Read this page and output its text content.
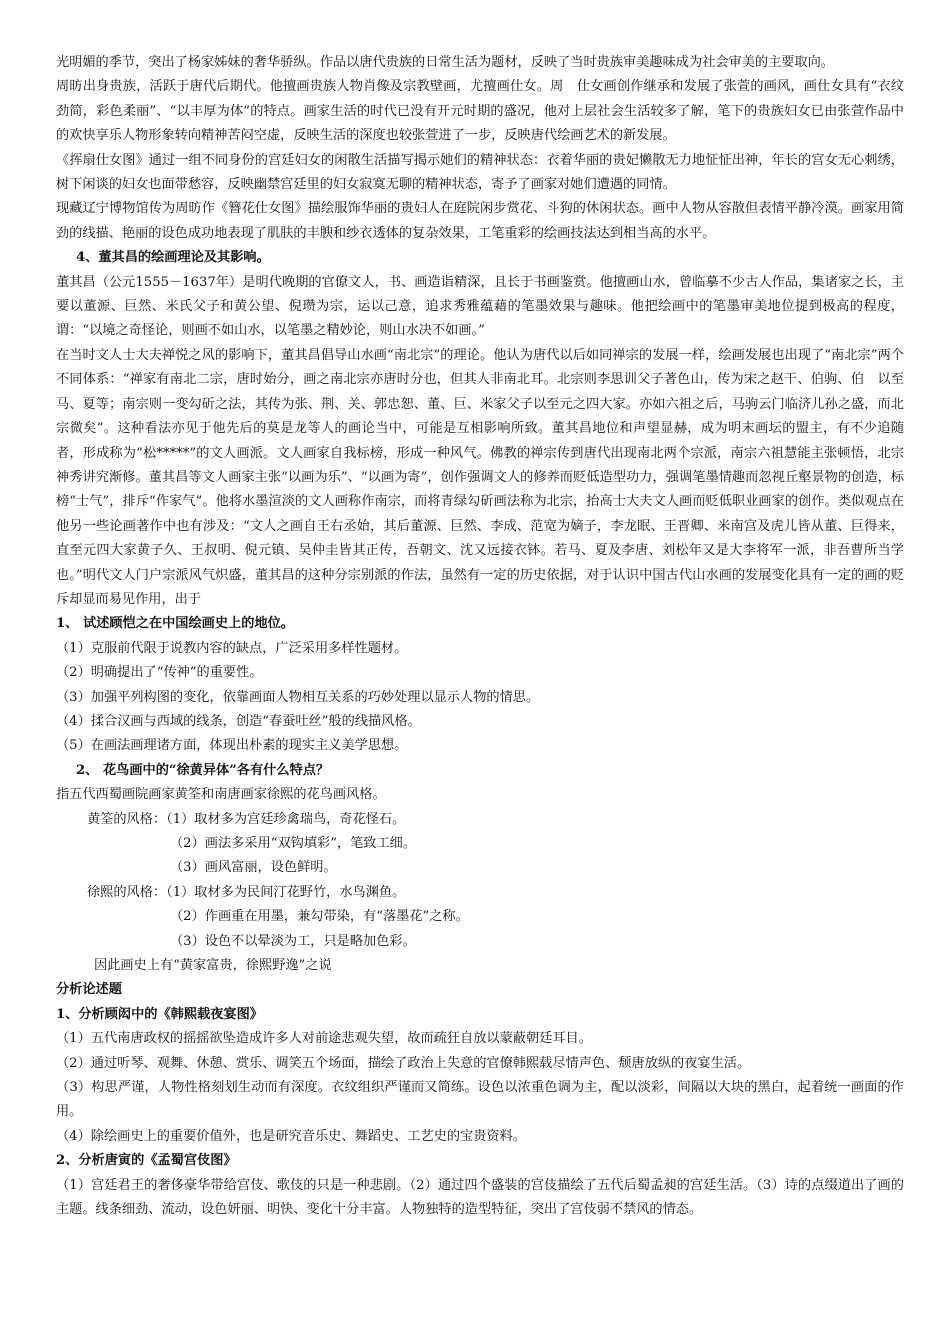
光明媚的季节，突出了杨家姊妹的奢华骄纵。作品以唐代贵族的日常生活为题材，反映了当时贵族审美趣味成为社会审美的主要取向。

周昉出身贵族，活跃于唐代后期代。他擅画贵族人物肖像及宗教壁画，尤擅画仕女。周　仕女画创作继承和发展了张萱的画风，画仕女具有“衣纹劲简，彩色柔丽”、“以丰厚为体”的特点。画家生活的时代已没有开元时期的盛况，他对上层社会生活较多了解，笔下的贵族妇女已由张萱作品中的欢快享乐人物形象转向精神苦闷空虚，反映生活的深度也较张萱进了一步，反映唐代绘画艺术的新发展。

《挥扇仕女图》通过一组不同身份的宫廷妇女的闲散生活描写揭示她们的精神状态：衣着华丽的贵妃懒散无力地怔怔出神，年长的宫女无心刺绣，树下闲谈的妇女也面带愁容，反映幽禁宫廷里的妇女寂寞无聊的精神状态，寄予了画家对她们遭遇的同情。

现藏辽宁博物馆传为周昉作《簪花仕女图》描绘服饰华丽的贵妇人在庭院闲步赏花、斗狗的休闲状态。画中人物从容散但表情平静冷漠。画家用简劲的线描、艳丽的设色成功地表现了肌肤的丰腴和纱衣透体的复杂效果，工笔重彩的绘画技法达到相当高的水平。

4、董其昌的绘画理论及其影响。

董其昌（公元1555－1637年）是明代晚期的官僚文人，书、画造诣精深，且长于书画鉴赏。他擅画山水，曾临摹不少古人作品，集诸家之长，主要以董源、巨然、米氏父子和黄公望、倪瓒为宗，运以己意，追求秀雅蕴藉的笔墨效果与趣味。他把绘画中的笔墨审美地位提到极高的程度，谓：“以境之奇怪论，则画不如山水，以笔墨之精妙论，则山水决不如画。”

在当时文人士大夫禅悦之风的影响下，董其昌倡导山水画“南北宗”的理论。他认为唐代以后如同禅宗的发展一样，绘画发展也出现了“南北宗”两个不同体系：“禅家有南北二宗，唐时始分，画之南北宗亦唐时分也，但其人非南北耳。北宗则李思训父子著色山，传为宋之赵干、伯驹、伯　以至马、夏等；南宗则一变勾斫之法，其传为张、荆、关、郭忠恕、董、巨、米家父子以至元之四大家。亦如六祖之后，马驹云门临济儿孙之盛，而北宗微矣”。这种看法亦见于他先后的莫是龙等人的画论当中，可能是互相影响所致。董其昌地位和声望显赫，成为明末画坛的盟主，有不少追随者，形成称为“松*****”的文人画派。文人画家自我标榜，形成一种风气。佛教的禅宗传到唐代出现南北两个宗派，南宗六祖慧能主张顿悟，北宗神秀讲究渐修。董其昌等文人画家主张“以画为乐”、“以画为寄”，创作强调文人的修养而贬低造型功力，强调笔墨情趣而忽视丘壑景物的创造，标榜“士气”，排斥“作家气”。他将水墨渲淡的文人画称作南宗，而将青绿勾斫画法称为北宗，抬高士大夫文人画而贬低职业画家的创作。类似观点在他另一些论画著作中也有涉及：“文人之画自王右丞始，其后董源、巨然、李成、范宽为嫡子，李龙眠、王晋卿、米南宫及虎儿皆从董、巨得来，直至元四大家黄子久、王叔明、倪元镇、吴仲圭皆其正传，吾朝文、沈又远接衣钵。若马、夏及李唐、刘松年又是大李将军一派，非吾曹所当学也。”明代文人门户宗派风气炽盛，董其昌的这种分宗别派的作法，虽然有一定的历史依据，对于认识中国古代山水画的发展变化具有一定的画的贬斥却显而易见作用，出于

1、 试述顾恺之在中国绘画史上的地位。

（1）克服前代限于说教内容的缺点，广泛采用多样性题材。

（2）明确提出了“传神”的重要性。

（3）加强平列构图的变化，依靠画面人物相互关系的巧妙处理以显示人物的情思。

（4）揉合汉画与西域的线条，创造“春蚕吐丝”般的线描风格。

（5）在画法画理诸方面，体现出朴素的现实主义美学思想。

2、 花鸟画中的“徐黄异体”各有什么特点？

指五代西蜀画院画家黄筌和南唐画家徐熙的花鸟画风格。

黄筌的风格：（1）取材多为宫廷珍禽瑞鸟，奇花怪石。

（2）画法多采用“双钩填彩”，笔致工细。

（3）画风富丽，设色鲜明。

徐熙的风格：（1）取材多为民间汀花野竹，水鸟渊鱼。

（2）作画重在用墨，兼勾带染，有“落墨花”之称。

（3）设色不以晕淡为工，只是略加色彩。

因此画史上有“黄家富贵，徐熙野逸”之说

分析论述题

1、分析顾闳中的《韩熙载夜宴图》

（1）五代南唐政权的摇摇欲坠造成许多人对前途悲观失望，故而疏狂自放以蒙蔽朝廷耳目。

（2）通过听琴、观舞、休憩、赏乐、调笑五个场面，描绘了政治上失意的官僚韩熙载尽情声色、颓唐放纵的夜宴生活。

（3）构思严谨，人物性格刻划生动而有深度。衣纹组织严谨而又简练。设色以浓重色调为主，配以淡彩，间隔以大块的黑白，起着统一画面的作用。

（4）除绘画史上的重要价值外，也是研究音乐史、舞蹈史、工艺史的宝贵资料。

2、分析唐寅的《孟蜀宫伎图》

（1）宫廷君王的奢侈豪华带给宫伎、歌伎的只是一种悲剧。（2）通过四个盛装的宫伎描绘了五代后蜀孟昶的宫廷生活。（3）诗的点缀道出了画的主题。线条细劲、流动，设色妍丽、明快、变化十分丰富。人物独特的造型特征，突出了宫伎弱不禁风的情态。
